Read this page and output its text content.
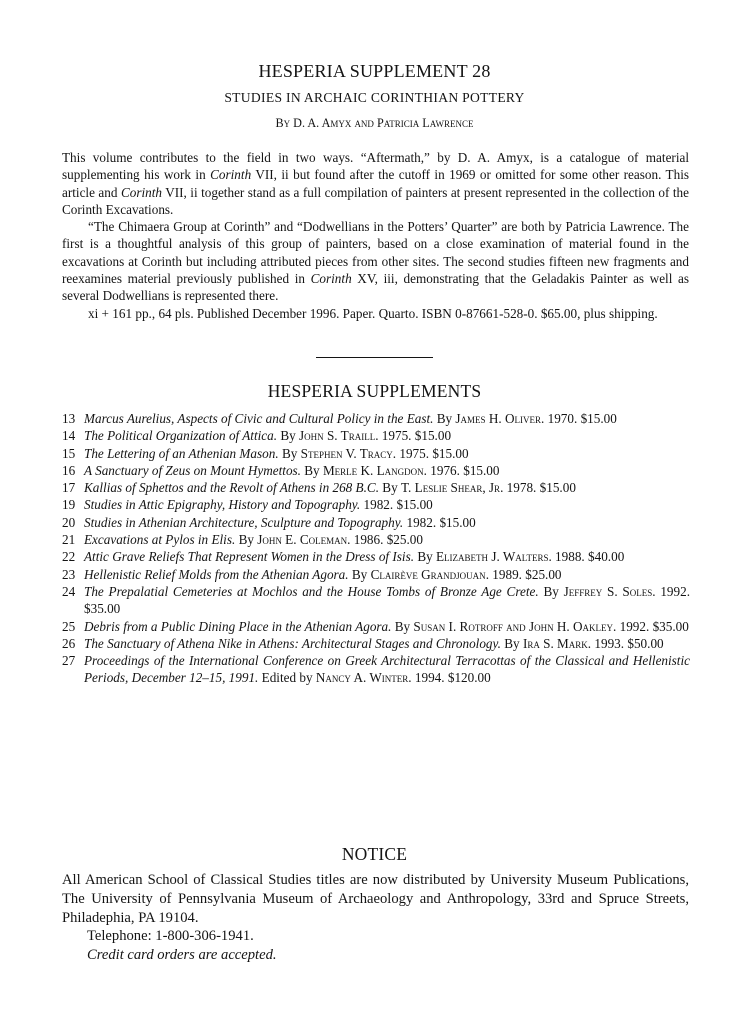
HESPERIA SUPPLEMENT 28
STUDIES IN ARCHAIC CORINTHIAN POTTERY
By D. A. Amyx and Patricia Lawrence

This volume contributes to the field in two ways. “Aftermath,” by D. A. Amyx, is a catalogue of material supplementing his work in Corinth VII, ii but found after the cutoff in 1969 or omitted for some other reason. This article and Corinth VII, ii together stand as a full compilation of painters at present represented in the collection of the Corinth Excavations.

“The Chimaera Group at Corinth” and “Dodwellians in the Potters’ Quarter” are both by Patricia Lawrence. The first is a thoughtful analysis of this group of painters, based on a close examination of material found in the excavations at Corinth but including attributed pieces from other sites. The second studies fifteen new fragments and reexamines material previously published in Corinth XV, iii, demonstrating that the Geladakis Painter as well as several Dodwellians is represented there.

xi + 161 pp., 64 pls. Published December 1996. Paper. Quarto. ISBN 0-87661-528-0. $65.00, plus shipping.

HESPERIA SUPPLEMENTS
13 Marcus Aurelius, Aspects of Civic and Cultural Policy in the East. By James H. Oliver. 1970. $15.00
14 The Political Organization of Attica. By John S. Traill. 1975. $15.00
15 The Lettering of an Athenian Mason. By Stephen V. Tracy. 1975. $15.00
16 A Sanctuary of Zeus on Mount Hymettos. By Merle K. Langdon. 1976. $15.00
17 Kallias of Sphettos and the Revolt of Athens in 268 B.C. By T. Leslie Shear, Jr. 1978. $15.00
19 Studies in Attic Epigraphy, History and Topography. 1982. $15.00
20 Studies in Athenian Architecture, Sculpture and Topography. 1982. $15.00
21 Excavations at Pylos in Elis. By John E. Coleman. 1986. $25.00
22 Attic Grave Reliefs That Represent Women in the Dress of Isis. By Elizabeth J. Walters. 1988. $40.00
23 Hellenistic Relief Molds from the Athenian Agora. By Clairève Grandjouan. 1989. $25.00
24 The Prepalatial Cemeteries at Mochlos and the House Tombs of Bronze Age Crete. By Jeffrey S. Soles. 1992. $35.00
25 Debris from a Public Dining Place in the Athenian Agora. By Susan I. Rotroff and John H. Oakley. 1992. $35.00
26 The Sanctuary of Athena Nike in Athens: Architectural Stages and Chronology. By Ira S. Mark. 1993. $50.00
27 Proceedings of the International Conference on Greek Architectural Terracottas of the Classical and Hellenistic Periods, December 12–15, 1991. Edited by Nancy A. Winter. 1994. $120.00
NOTICE

All American School of Classical Studies titles are now distributed by University Museum Publications, The University of Pennsylvania Museum of Archaeology and Anthropology, 33rd and Spruce Streets, Philadephia, PA 19104.

Telephone: 1-800-306-1941.

Credit card orders are accepted.
